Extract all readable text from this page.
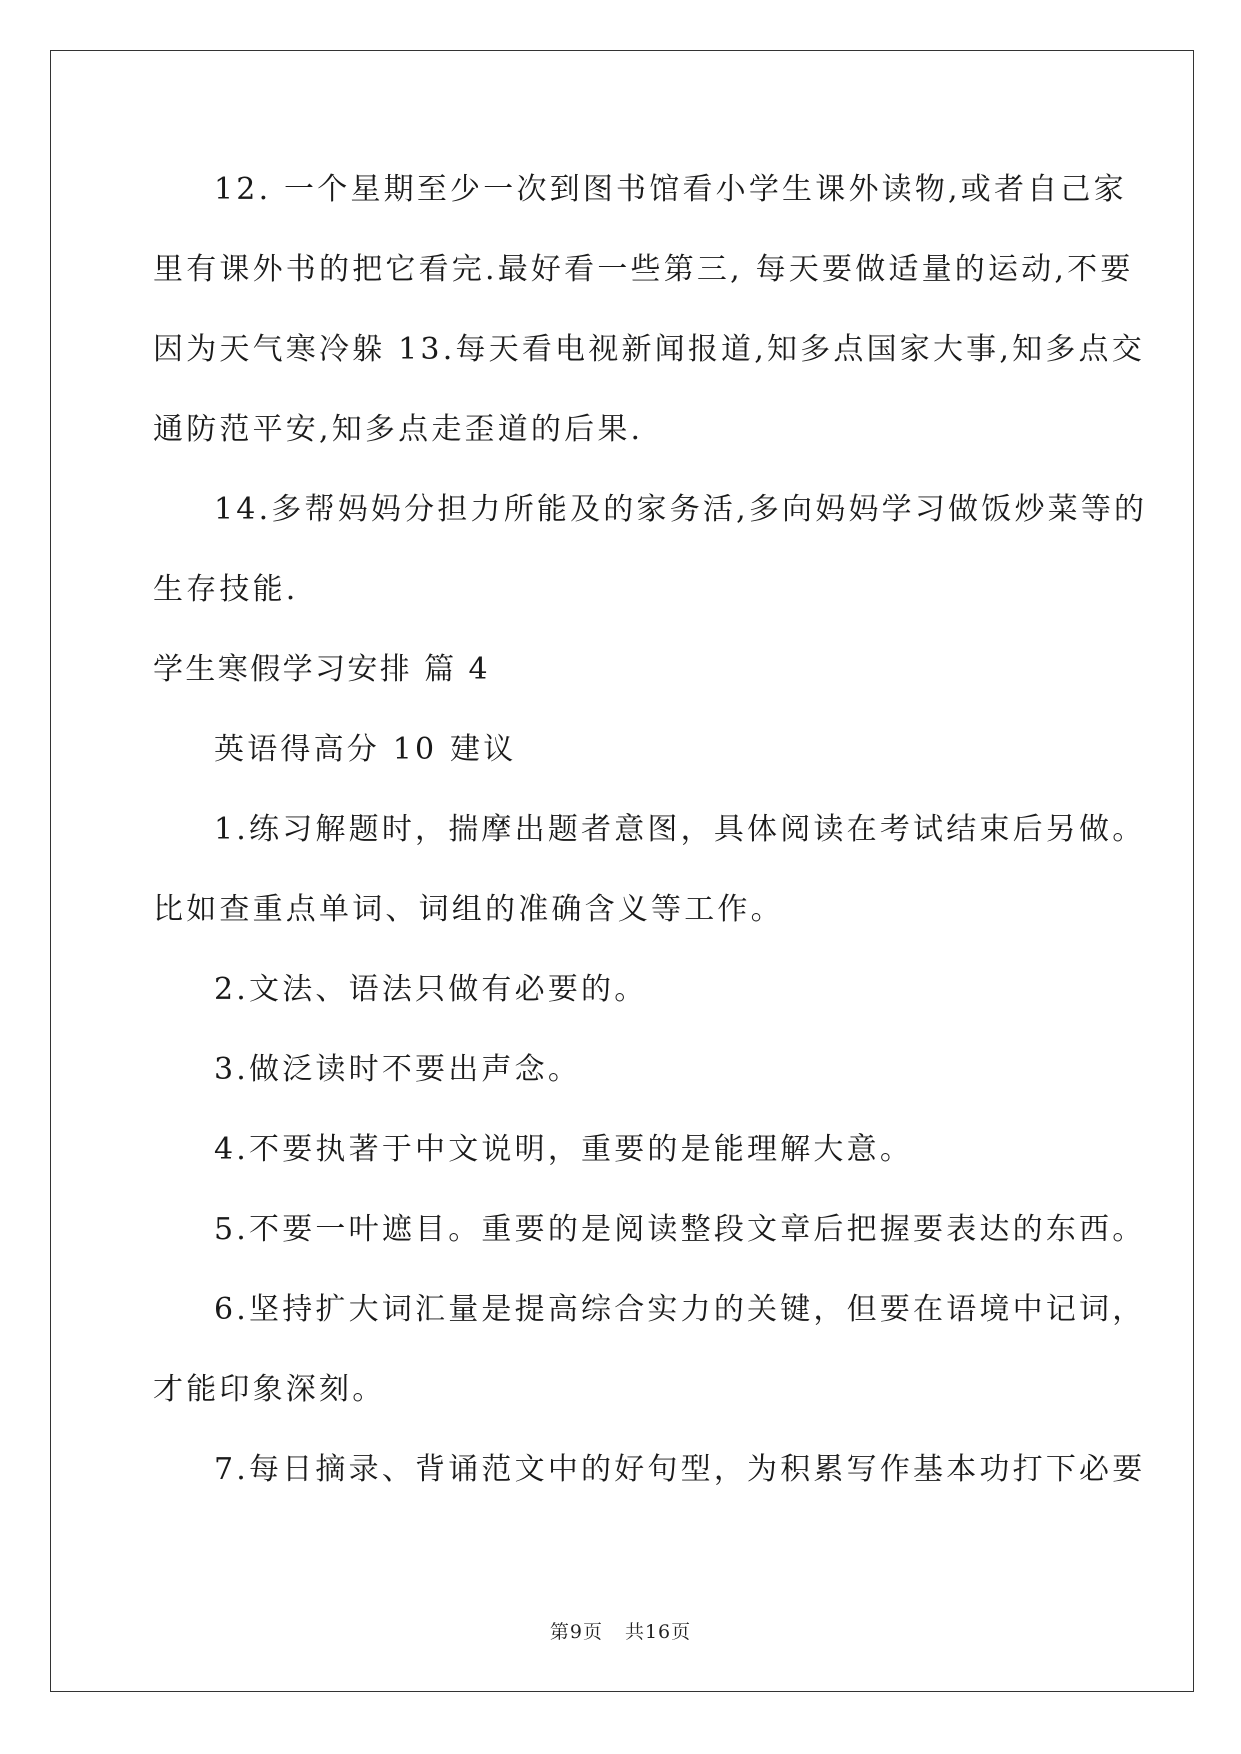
12. 一个星期至少一次到图书馆看小学生课外读物,或者自己家
里有课外书的把它看完.最好看一些第三, 每天要做适量的运动,不要
因为天气寒冷躲 13.每天看电视新闻报道,知多点国家大事,知多点交
通防范平安,知多点走歪道的后果.
14.多帮妈妈分担力所能及的家务活,多向妈妈学习做饭炒菜等的
生存技能.
学生寒假学习安排 篇 4
英语得高分 10 建议
1.练习解题时，揣摩出题者意图，具体阅读在考试结束后另做。
比如查重点单词、词组的准确含义等工作。
2.文法、语法只做有必要的。
3.做泛读时不要出声念。
4.不要执著于中文说明，重要的是能理解大意。
5.不要一叶遮目。重要的是阅读整段文章后把握要表达的东西。
6.坚持扩大词汇量是提高综合实力的关键，但要在语境中记词，
才能印象深刻。
7.每日摘录、背诵范文中的好句型，为积累写作基本功打下必要
第9页 共16页
